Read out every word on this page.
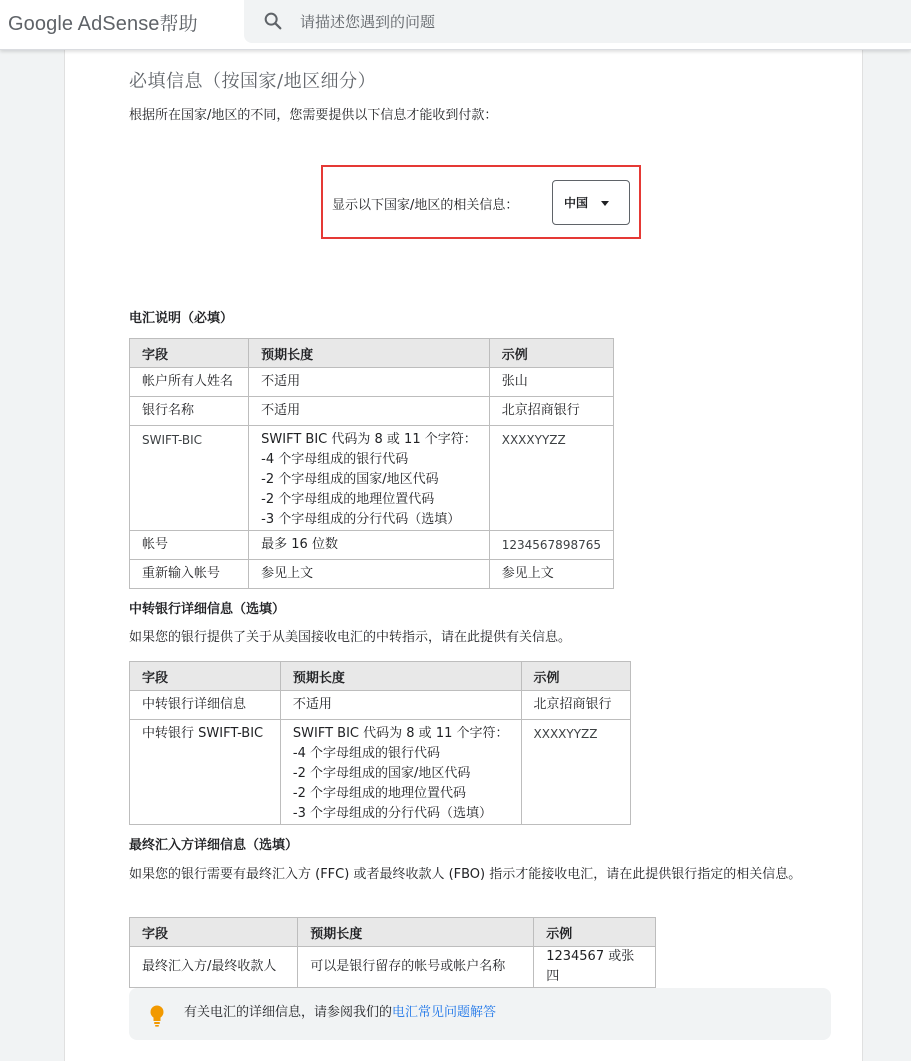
Google AdSense帮助
请描述您遇到的问题
必填信息（按国家/地区细分）
根据所在国家/地区的不同，您需要提供以下信息才能收到付款：
显示以下国家/地区的相关信息：	中国
电汇说明（必填）
字段	预期长度	示例
帐户所有人姓名	不适用	张山
银行名称	不适用	北京招商银行
SWIFT-BIC	SWIFT BIC 代码为 8 或 11 个字符：
-4 个字母组成的银行代码
-2 个字母组成的国家/地区代码
-2 个字母组成的地理位置代码
-3 个字母组成的分行代码（选填）	XXXXYYZZ
帐号	最多 16 位数	1234567898765
重新输入帐号	参见上文	参见上文
中转银行详细信息（选填）
如果您的银行提供了关于从美国接收电汇的中转指示，请在此提供有关信息。
字段	预期长度	示例
中转银行详细信息	不适用	北京招商银行
中转银行 SWIFT-BIC	SWIFT BIC 代码为 8 或 11 个字符：
-4 个字母组成的银行代码
-2 个字母组成的国家/地区代码
-2 个字母组成的地理位置代码
-3 个字母组成的分行代码（选填）	XXXXYYZZ
最终汇入方详细信息（选填）
如果您的银行需要有最终汇入方 (FFC) 或者最终收款人 (FBO) 指示才能接收电汇，请在此提供银行指定的相关信息。
字段	预期长度	示例
最终汇入方/最终收款人	可以是银行留存的帐号或帐户名称	1234567 或张四
有关电汇的详细信息，请参阅我们的电汇常见问题解答
